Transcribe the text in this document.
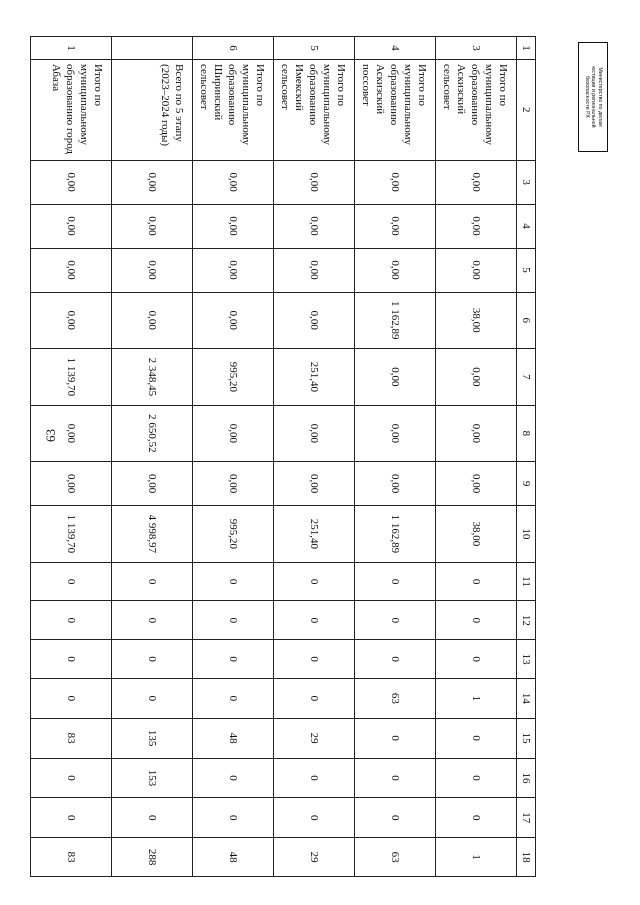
63
Министерство по делам
юстиции и региональной
безопасности РХ
1	2	3	4	5	6	7	8	9	10	11	12	13	14	15	16	17	18
3	Итого по муниципальному образованию Аскизский сельсовет	0,00	0,00	0,00	38,00	0,00	0,00	0,00	38,00	0	0	0	1	0	0	0	1
4	Итого по муниципальному образованию Аскизский поссовет	0,00	0,00	0,00	1 162,89	0,00	0,00	0,00	1 162,89	0	0	0	63	0	0	0	63
5	Итого по муниципальному образованию Имекский сельсовет	0,00	0,00	0,00	0,00	251,40	0,00	0,00	251,40	0	0	0	0	29	0	0	29
6	Итого по муниципальному образованию Ширинский сельсовет	0,00	0,00	0,00	0,00	995,20	0,00	0,00	995,20	0	0	0	0	48	0	0	48
	Всего по 5 этапу (2023–2024 годы)	0,00	0,00	0,00	0,00	2 348,45	2 650,52	0,00	4 998,97	0	0	0	0	135	153	0	288
1	Итого по муниципальному образованию город Абаза	0,00	0,00	0,00	0,00	1 139,70	0,00	0,00	1 139,70	0	0	0	0	83	0	0	83
